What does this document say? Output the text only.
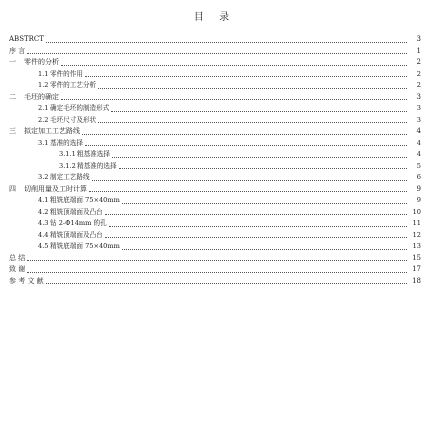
目 录
ABSTRCT	3
序 言	1
一	零件的分析	2
1.1 零件的作用	2
1.2 零件的工艺分析	2
二	毛坯的确定	3
2.1 确定毛坯的制造形式	3
2.2 毛坯尺寸及形状	3
三	拟定加工工艺路线	4
3.1 基准的选择	4
3.1.1 粗基准选择	4
3.1.2 精基准的选择	5
3.2 制定工艺路线	6
四	切削用量及工时计算	9
4.1 粗铣底端面 75×40mm	9
4.2 粗铣顶端面及凸台	10
4.3 钻 2-Φ14mm 的孔	11
4.4 精铣顶端面及凸台	12
4.5 精铣底端面 75×40mm	13
总 结	15
致 谢	17
参 考 文 献	18
